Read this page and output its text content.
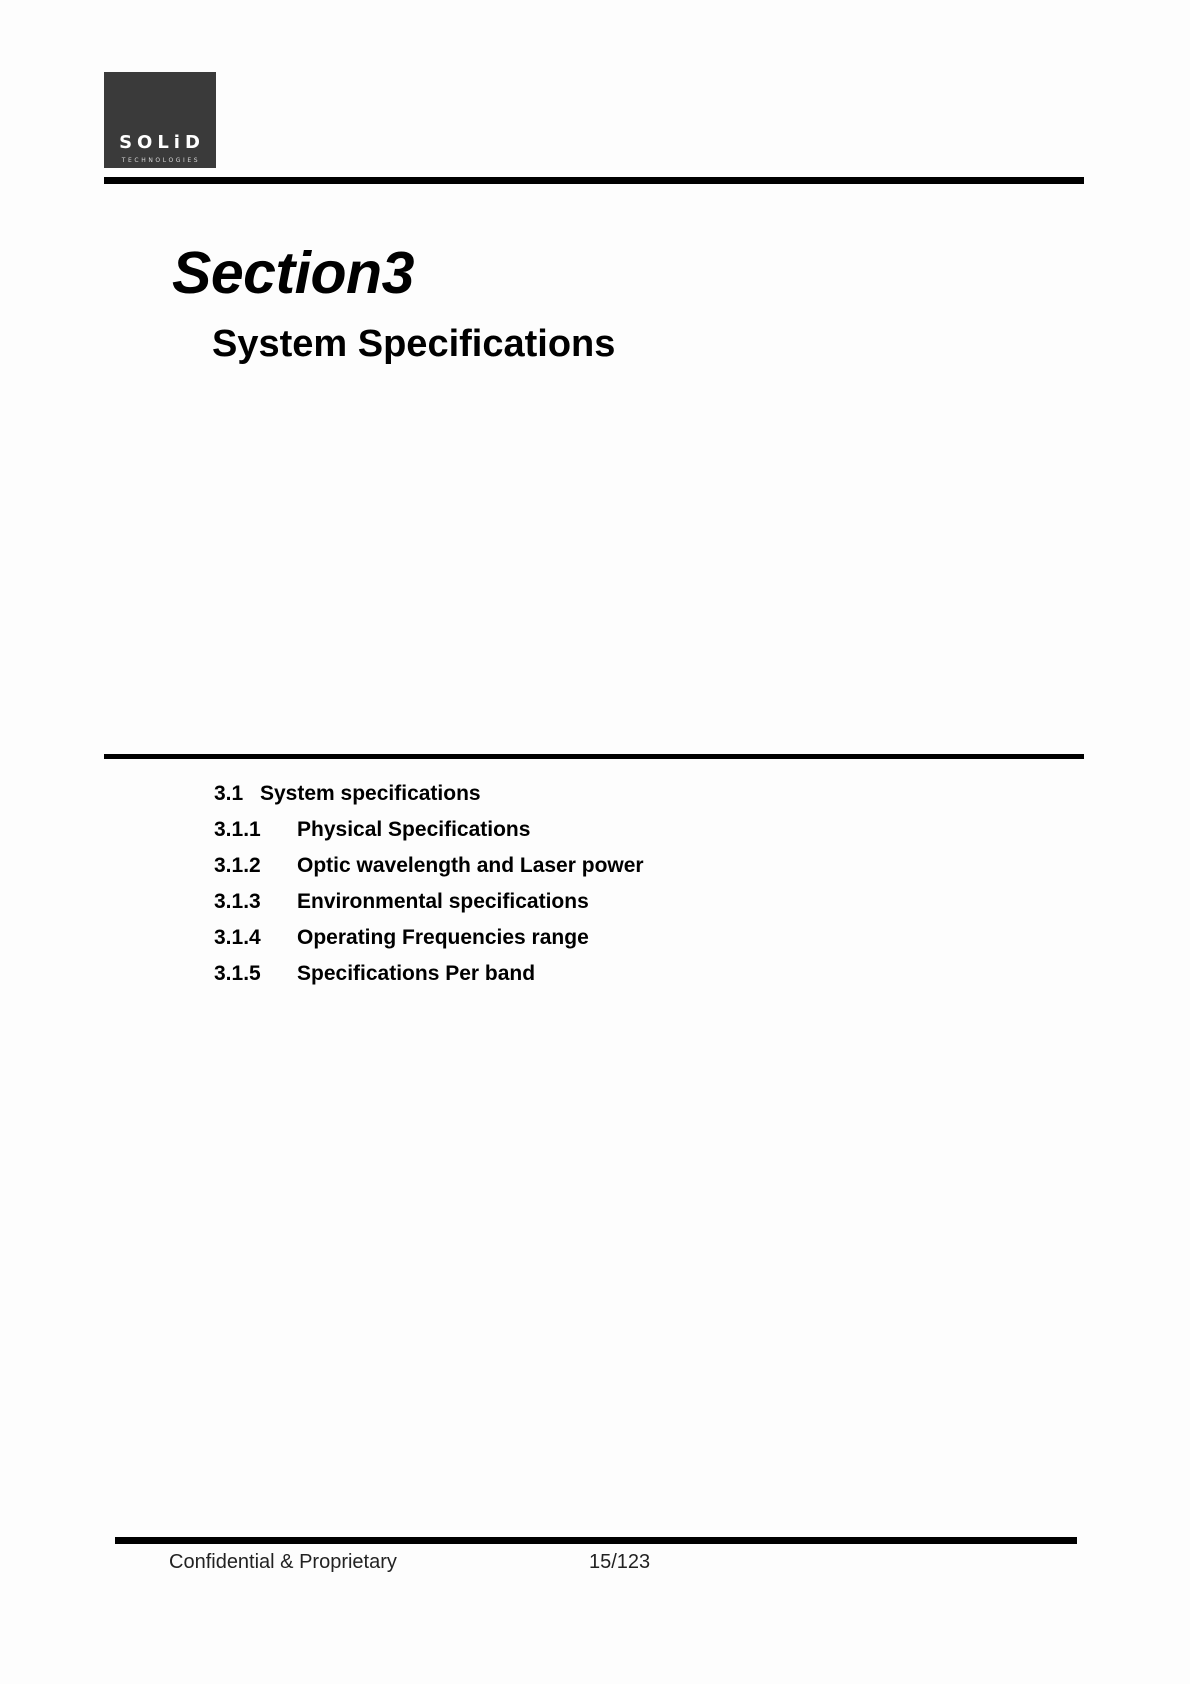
SOLiD
TECHNOLOGIES
Section3
System Specifications
3.1 System specifications
3.1.1 Physical Specifications
3.1.2 Optic wavelength and Laser power
3.1.3 Environmental specifications
3.1.4 Operating Frequencies range
3.1.5 Specifications Per band
Confidential & Proprietary	15/123
